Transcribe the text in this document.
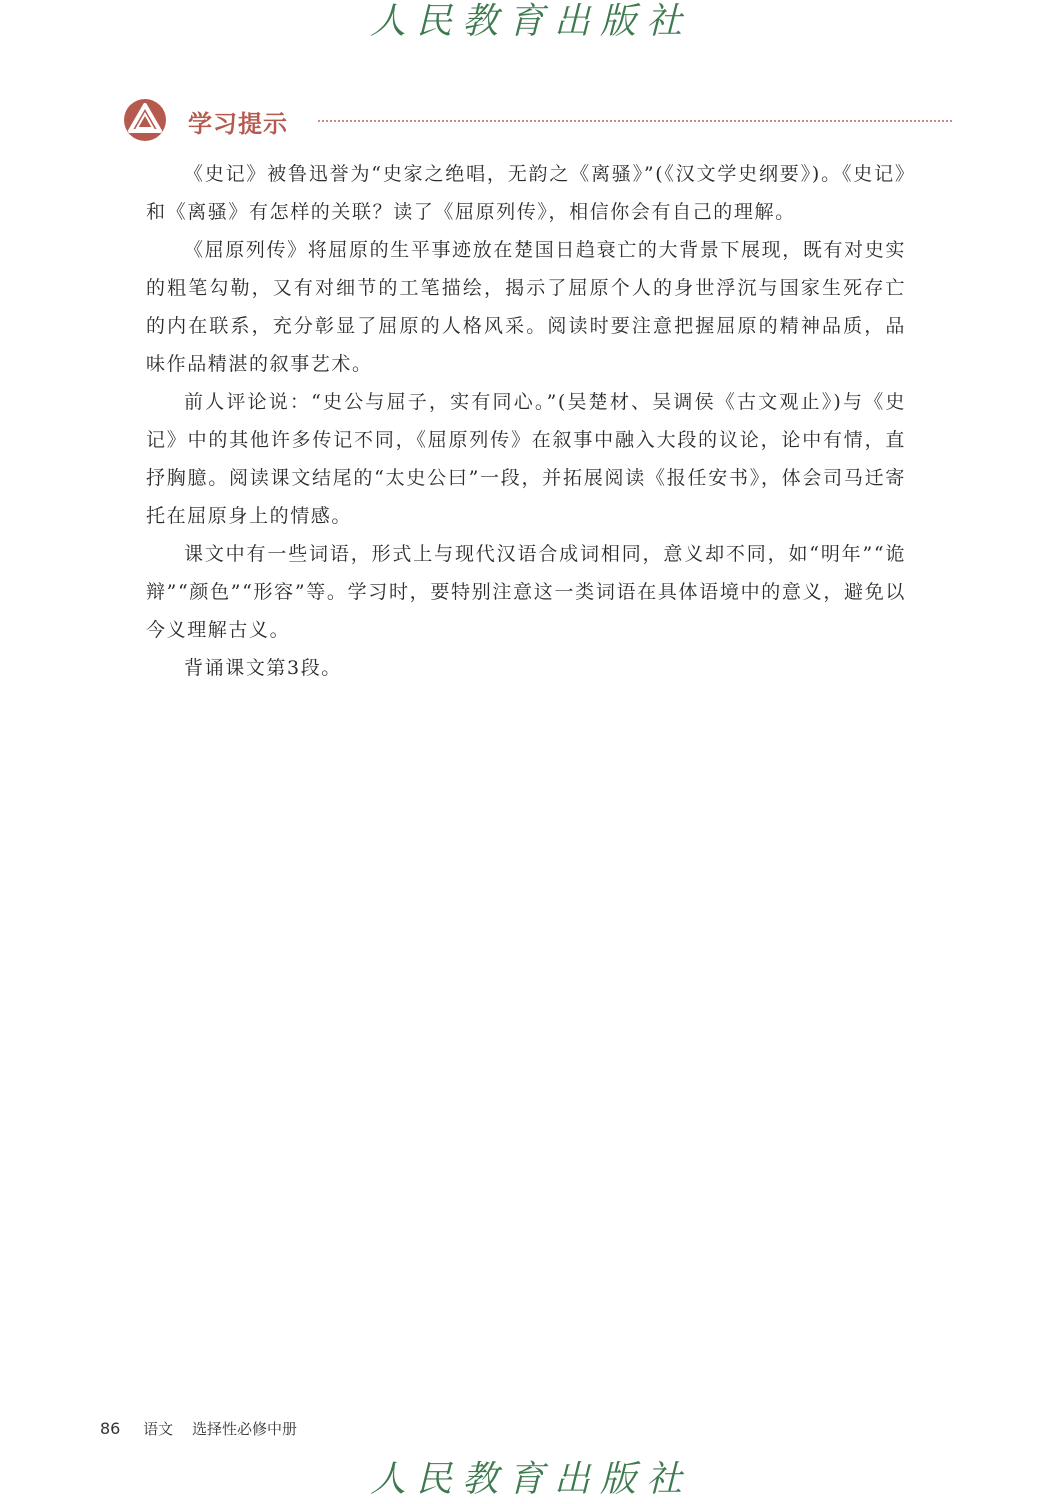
人民教育出版社
学习提示

《史记》被鲁迅誉为“史家之绝唱，无韵之《离骚》”(《汉文学史纲要》)。《史记》和《离骚》有怎样的关联？读了《屈原列传》，相信你会有自己的理解。

《屈原列传》将屈原的生平事迹放在楚国日趋衰亡的大背景下展现，既有对史实的粗笔勾勒，又有对细节的工笔描绘，揭示了屈原个人的身世浮沉与国家生死存亡的内在联系，充分彰显了屈原的人格风采。阅读时要注意把握屈原的精神品质，品味作品精湛的叙事艺术。

前人评论说：“史公与屈子，实有同心。”(吴楚材、吴调侯《古文观止》)与《史记》中的其他许多传记不同，《屈原列传》在叙事中融入大段的议论，论中有情，直抒胸臆。阅读课文结尾的“太史公曰”一段，并拓展阅读《报任安书》，体会司马迁寄托在屈原身上的情感。

课文中有一些词语，形式上与现代汉语合成词相同，意义却不同，如“明年”“诡辩”“颜色”“形容”等。学习时，要特别注意这一类词语在具体语境中的意义，避免以今义理解古义。

背诵课文第3段。

86 语文 选择性必修中册
人民教育出版社
